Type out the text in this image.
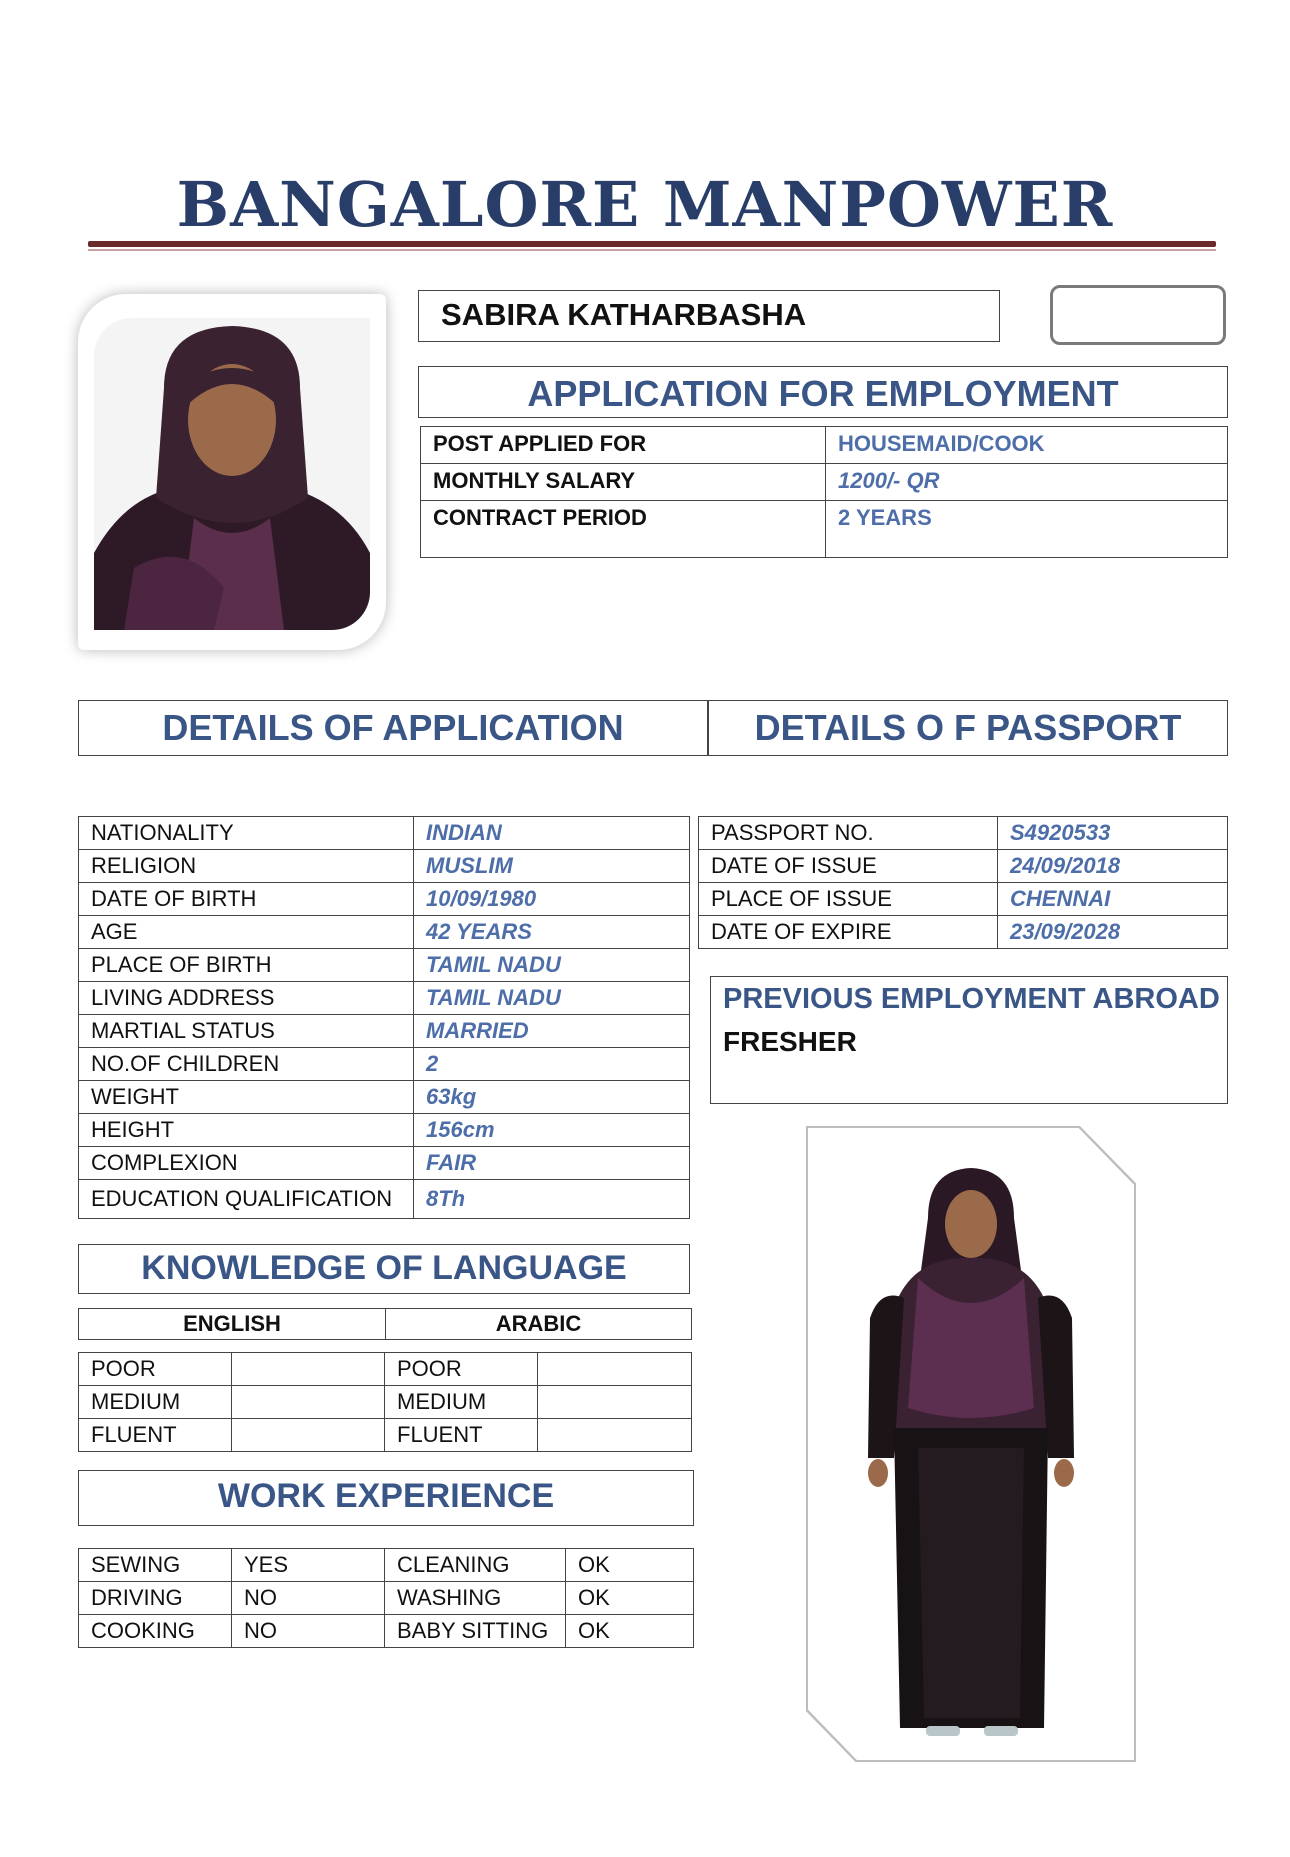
BANGALORE MANPOWER
SABIRA KATHARBASHA
APPLICATION FOR EMPLOYMENT
POST APPLIED FOR	HOUSEMAID/COOK
MONTHLY SALARY	1200/- QR
CONTRACT PERIOD	2 YEARS
DETAILS OF APPLICATION	DETAILS O F PASSPORT
NATIONALITY	INDIAN
RELIGION	MUSLIM
DATE OF BIRTH	10/09/1980
AGE	42 YEARS
PLACE OF BIRTH	TAMIL NADU
LIVING ADDRESS	TAMIL NADU
MARTIAL STATUS	MARRIED
NO.OF CHILDREN	2
WEIGHT	63kg
HEIGHT	156cm
COMPLEXION	FAIR
EDUCATION QUALIFICATION	8Th
PASSPORT NO.	S4920533
DATE OF ISSUE	24/09/2018
PLACE OF ISSUE	CHENNAI
DATE OF EXPIRE	23/09/2028
PREVIOUS EMPLOYMENT ABROAD
FRESHER
KNOWLEDGE OF LANGUAGE
ENGLISH	ARABIC
POOR		POOR	
MEDIUM		MEDIUM	
FLUENT		FLUENT	
WORK EXPERIENCE
SEWING	YES	CLEANING	OK
DRIVING	NO	WASHING	OK
COOKING	NO	BABY SITTING	OK
